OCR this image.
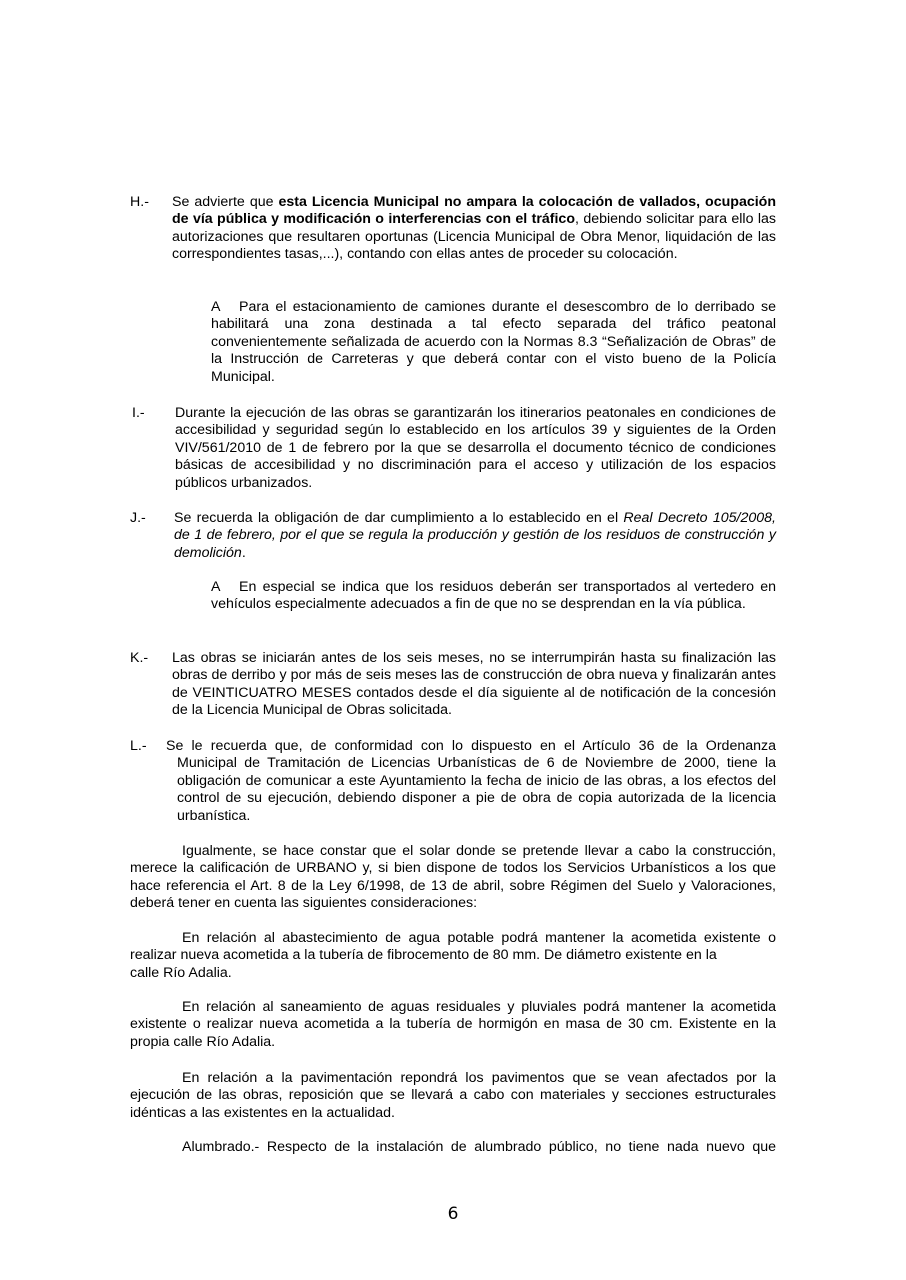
H.- Se advierte que esta Licencia Municipal no ampara la colocación de vallados, ocupación de vía pública y modificación o interferencias con el tráfico, debiendo solicitar para ello las autorizaciones que resultaren oportunas (Licencia Municipal de Obra Menor, liquidación de las correspondientes tasas,...), contando con ellas antes de proceder su colocación.
A Para el estacionamiento de camiones durante el desescombro de lo derribado se habilitará una zona destinada a tal efecto separada del tráfico peatonal convenientemente señalizada de acuerdo con la Normas 8.3 “Señalización de Obras” de la Instrucción de Carreteras y que deberá contar con el visto bueno de la Policía Municipal.
I.- Durante la ejecución de las obras se garantizarán los itinerarios peatonales en condiciones de accesibilidad y seguridad según lo establecido en los artículos 39 y siguientes de la Orden VIV/561/2010 de 1 de febrero por la que se desarrolla el documento técnico de condiciones básicas de accesibilidad y no discriminación para el acceso y utilización de los espacios públicos urbanizados.
J.- Se recuerda la obligación de dar cumplimiento a lo establecido en el Real Decreto 105/2008, de 1 de febrero, por el que se regula la producción y gestión de los residuos de construcción y demolición.
A En especial se indica que los residuos deberán ser transportados al vertedero en vehículos especialmente adecuados a fin de que no se desprendan en la vía pública.
K.- Las obras se iniciarán antes de los seis meses, no se interrumpirán hasta su finalización las obras de derribo y por más de seis meses las de construcción de obra nueva y finalizarán antes de VEINTICUATRO MESES contados desde el día siguiente al de notificación de la concesión de la Licencia Municipal de Obras solicitada.
L.- Se le recuerda que, de conformidad con lo dispuesto en el Artículo 36 de la Ordenanza
Municipal de Tramitación de Licencias Urbanísticas de 6 de Noviembre de 2000, tiene la obligación de comunicar a este Ayuntamiento la fecha de inicio de las obras, a los efectos del control de su ejecución, debiendo disponer a pie de obra de copia autorizada de la licencia urbanística.
Igualmente, se hace constar que el solar donde se pretende llevar a cabo la construcción, merece la calificación de URBANO y, si bien dispone de todos los Servicios Urbanísticos a los que hace referencia el Art. 8 de la Ley 6/1998, de 13 de abril, sobre Régimen del Suelo y Valoraciones, deberá tener en cuenta las siguientes consideraciones:
En relación al abastecimiento de agua potable podrá mantener la acometida existente o
realizar nueva acometida a la tubería de fibrocemento de 80 mm. De diámetro existente en la
calle Río Adalia.
En relación al saneamiento de aguas residuales y pluviales podrá mantener la acometida existente o realizar nueva acometida a la tubería de hormigón en masa de 30 cm. Existente en la propia calle Río Adalia.
En relación a la pavimentación repondrá los pavimentos que se vean afectados por la ejecución de las obras, reposición que se llevará a cabo con materiales y secciones estructurales idénticas a las existentes en la actualidad.
Alumbrado.- Respecto de la instalación de alumbrado público, no tiene nada nuevo que
6
